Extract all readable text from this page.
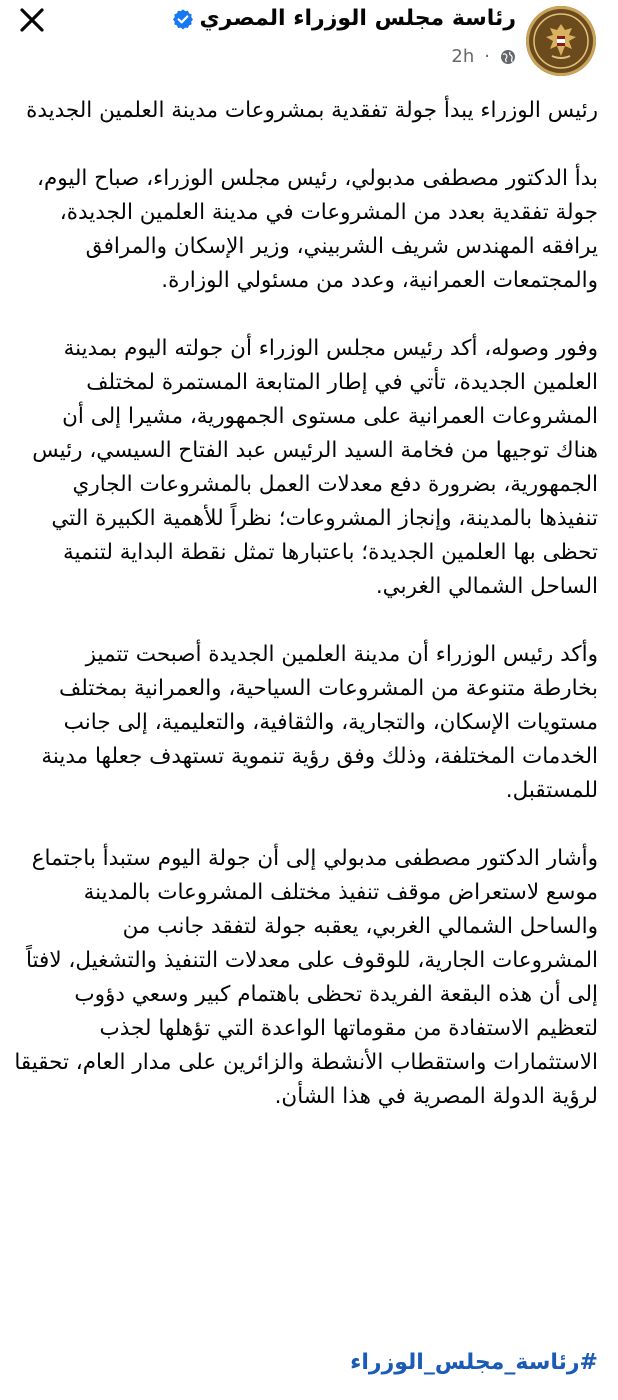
رئاسة مجلس الوزراء المصري
·
2h

رئيس الوزراء يبدأ جولة تفقدية بمشروعات مدينة العلمين الجديدة

بدأ الدكتور مصطفى مدبولي، رئيس مجلس الوزراء، صباح اليوم، جولة تفقدية بعدد من المشروعات في مدينة العلمين الجديدة، يرافقه المهندس شريف الشربيني، وزير الإسكان والمرافق والمجتمعات العمرانية، وعدد من مسئولي الوزارة.

وفور وصوله، أكد رئيس مجلس الوزراء أن جولته اليوم بمدينة العلمين الجديدة، تأتي في إطار المتابعة المستمرة لمختلف المشروعات العمرانية على مستوى الجمهورية، مشيرا إلى أن هناك توجيها من فخامة السيد الرئيس عبد الفتاح السيسي، رئيس الجمهورية، بضرورة دفع معدلات العمل بالمشروعات الجاري تنفيذها بالمدينة، وإنجاز المشروعات؛ نظراً للأهمية الكبيرة التي تحظى بها العلمين الجديدة؛ باعتبارها تمثل نقطة البداية لتنمية الساحل الشمالي الغربي.

وأكد رئيس الوزراء أن مدينة العلمين الجديدة أصبحت تتميز بخارطة متنوعة من المشروعات السياحية، والعمرانية بمختلف مستويات الإسكان، والتجارية، والثقافية، والتعليمية، إلى جانب الخدمات المختلفة، وذلك وفق رؤية تنموية تستهدف جعلها مدينة للمستقبل.

وأشار الدكتور مصطفى مدبولي إلى أن جولة اليوم ستبدأ باجتماع موسع لاستعراض موقف تنفيذ مختلف المشروعات بالمدينة والساحل الشمالي الغربي، يعقبه جولة لتفقد جانب من المشروعات الجارية، للوقوف على معدلات التنفيذ والتشغيل، لافتاً إلى أن هذه البقعة الفريدة تحظى باهتمام كبير وسعي دؤوب لتعظيم الاستفادة من مقوماتها الواعدة التي تؤهلها لجذب الاستثمارات واستقطاب الأنشطة والزائرين على مدار العام، تحقيقا لرؤية الدولة المصرية في هذا الشأن.

#رئاسة_مجلس_الوزراء
